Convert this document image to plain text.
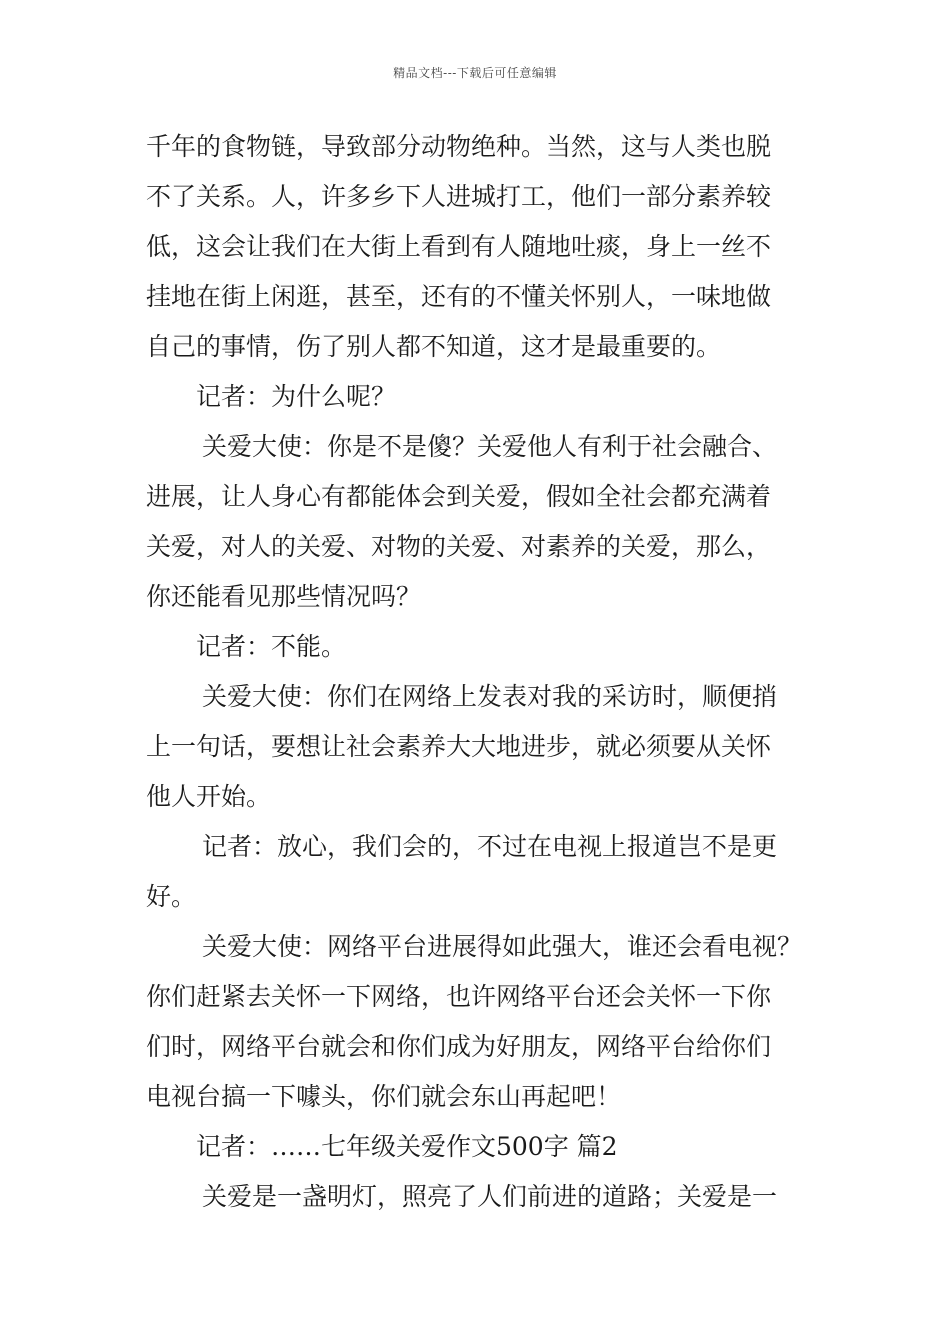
精品文档---下载后可任意编辑
千年的食物链，导致部分动物绝种。当然，这与人类也脱
不了关系。人，许多乡下人进城打工，他们一部分素养较
低，这会让我们在大街上看到有人随地吐痰，身上一丝不
挂地在街上闲逛，甚至，还有的不懂关怀别人，一味地做
自己的事情，伤了别人都不知道，这才是最重要的。
记者：为什么呢？
关爱大使：你是不是傻？关爱他人有利于社会融合、
进展，让人身心有都能体会到关爱，假如全社会都充满着
关爱，对人的关爱、对物的关爱、对素养的关爱，那么，
你还能看见那些情况吗？
记者：不能。
关爱大使：你们在网络上发表对我的采访时，顺便捎
上一句话，要想让社会素养大大地进步，就必须要从关怀
他人开始。
记者：放心，我们会的，不过在电视上报道岂不是更
好。
关爱大使：网络平台进展得如此强大，谁还会看电视？
你们赶紧去关怀一下网络，也许网络平台还会关怀一下你
们时，网络平台就会和你们成为好朋友，网络平台给你们
电视台搞一下噱头，你们就会东山再起吧！
记者：……七年级关爱作文500字 篇2
关爱是一盏明灯，照亮了人们前进的道路；关爱是一
